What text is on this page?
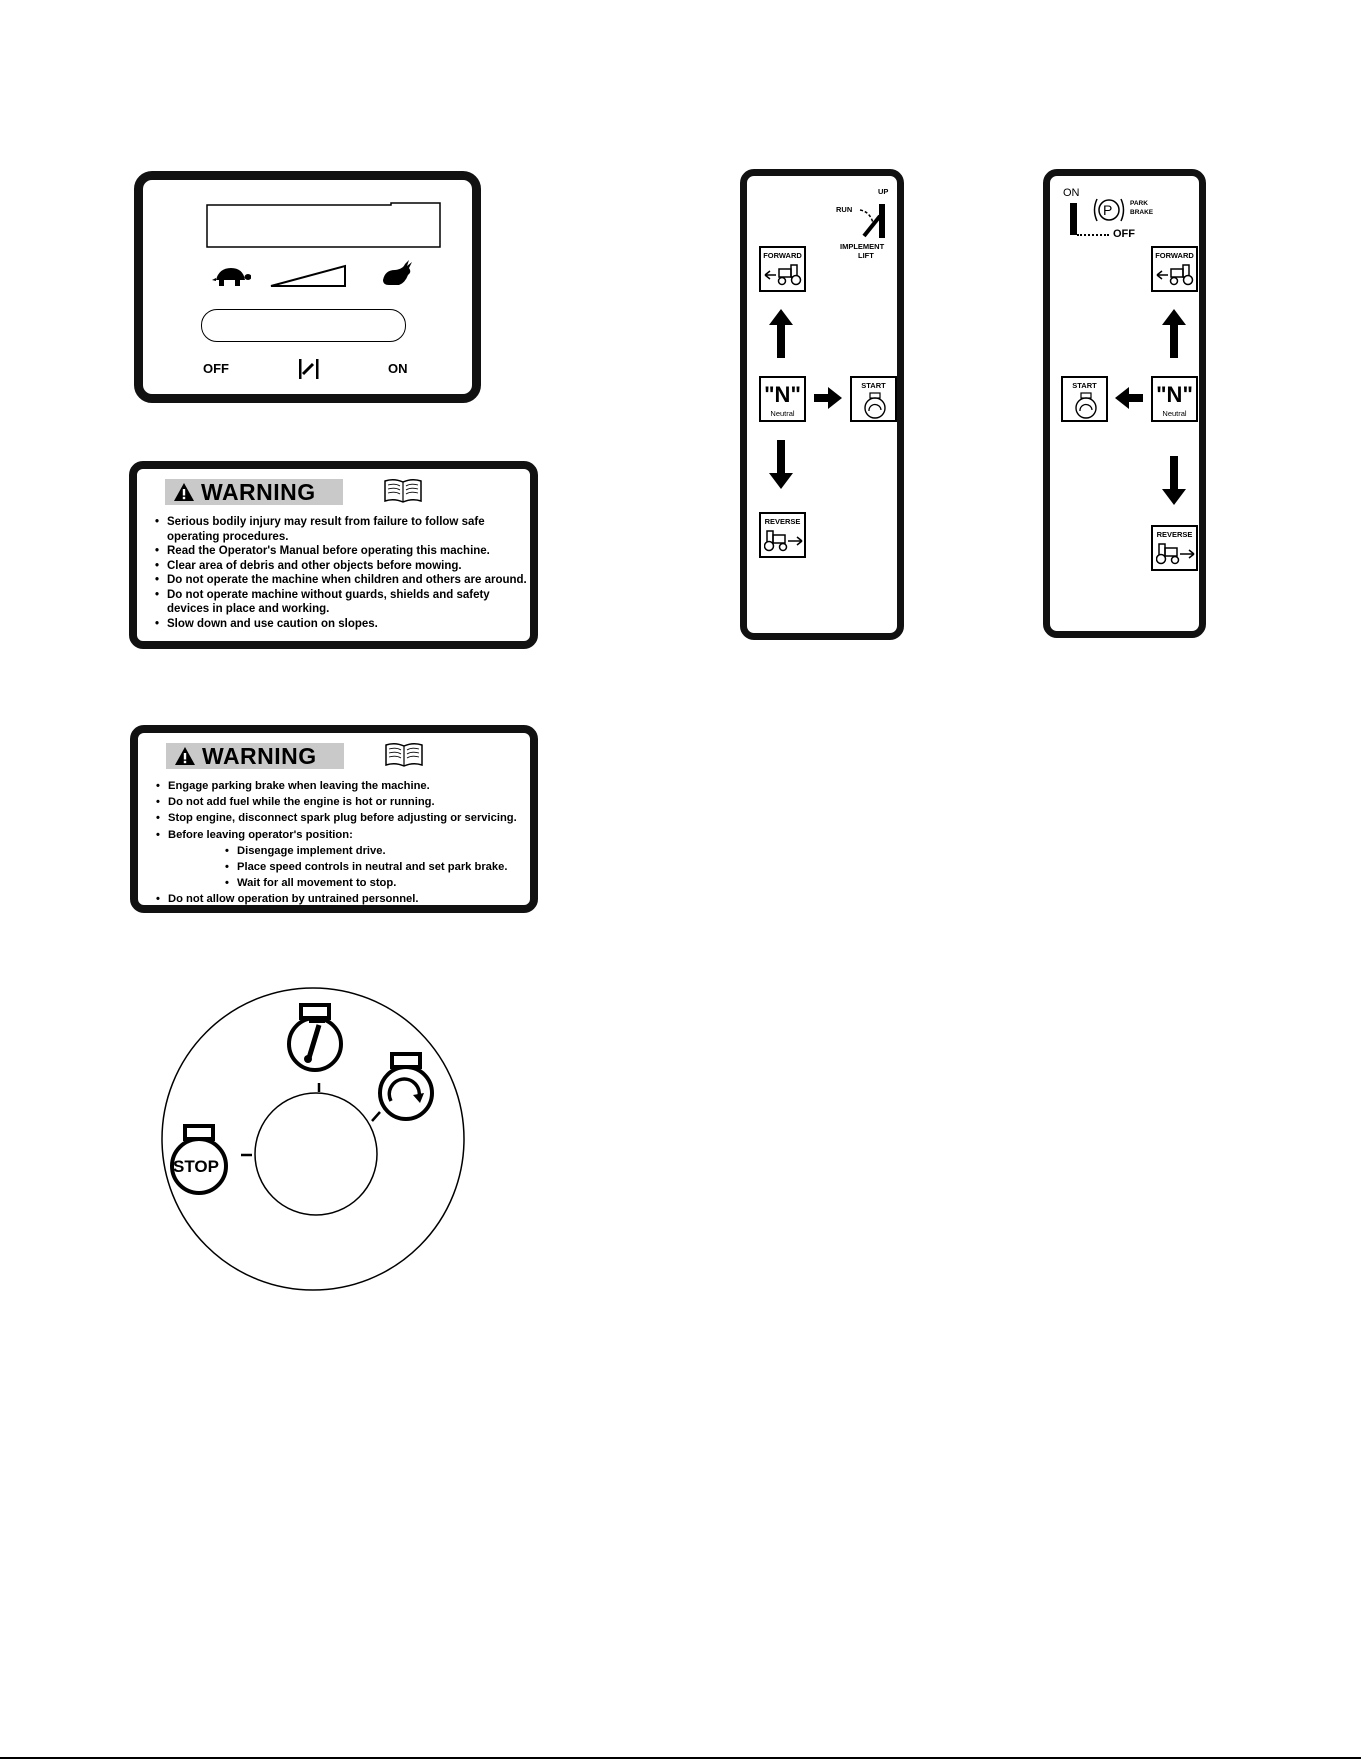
OFF	ON
WARNING
• Serious bodily injury may result from failure to follow safe operating procedures.
• Read the Operator's Manual before operating this machine.
• Clear area of debris and other objects before mowing.
• Do not operate the machine when children and others are around.
• Do not operate machine without guards, shields and safety devices in place and working.
• Slow down and use caution on slopes.
WARNING
• Engage parking brake when leaving the machine.
• Do not add fuel while the engine is hot or running.
• Stop engine, disconnect spark plug before adjusting or servicing.
• Before leaving operator's position:
• Disengage implement drive.
• Place speed controls in neutral and set park brake.
• Wait for all movement to stop.
• Do not allow operation by untrained personnel.
STOP
UP
RUN
IMPLEMENT
LIFT
FORWARD
"N"
Neutral
START
REVERSE
ON
OFF
P	PARK
BRAKE
FORWARD
START	"N"
Neutral
REVERSE
